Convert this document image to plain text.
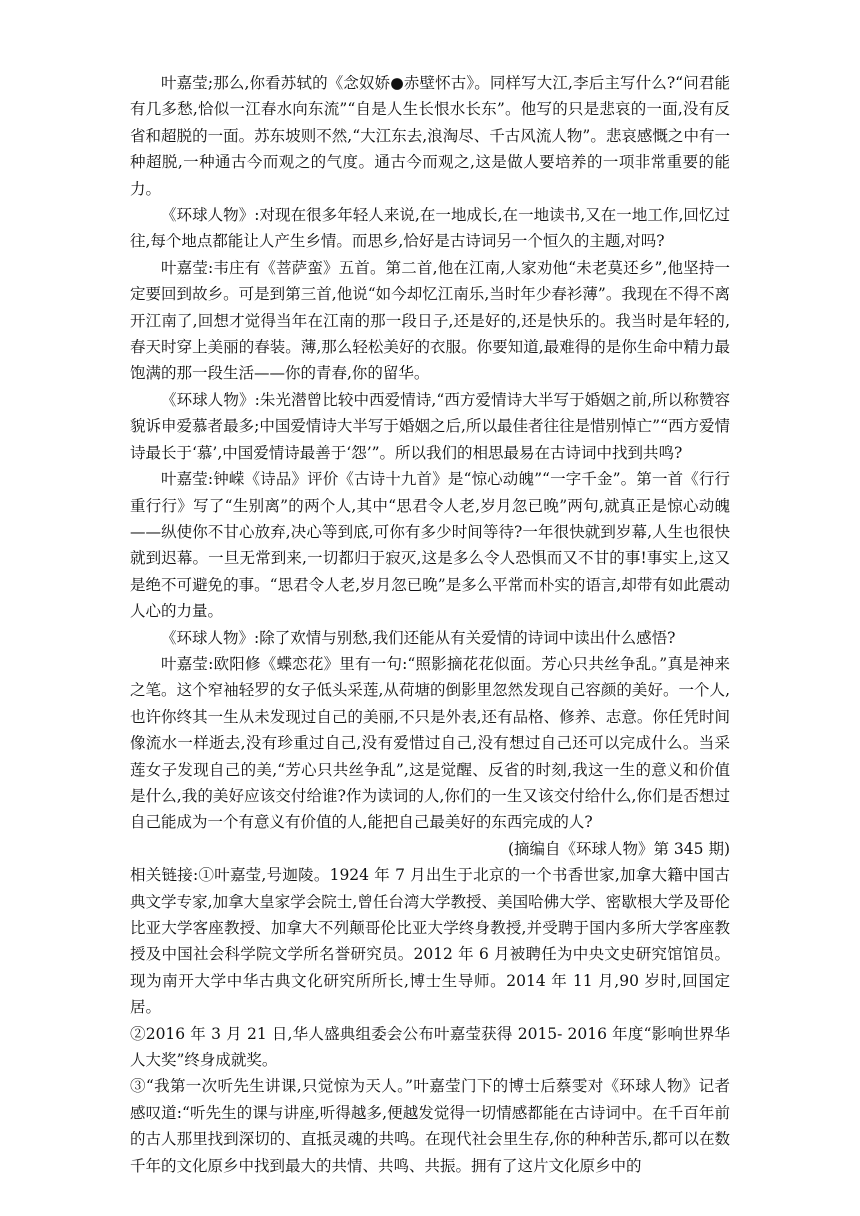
叶嘉莹;那么,你看苏轼的《念奴娇●赤壁怀古》。同样写大江,李后主写什么?“问君能有几多愁,恰似一江春水向东流”“自是人生长恨水长东”。他写的只是悲哀的一面,没有反省和超脱的一面。苏东坡则不然,“大江东去,浪淘尽、千古风流人物”。悲哀感慨之中有一种超脱,一种通古今而观之的气度。通古今而观之,这是做人要培养的一项非常重要的能力。

《环球人物》:对现在很多年轻人来说,在一地成长,在一地读书,又在一地工作,回忆过往,每个地点都能让人产生乡情。而思乡,恰好是古诗词另一个恒久的主题,对吗?

叶嘉莹:韦庄有《菩萨蛮》五首。第二首,他在江南,人家劝他“未老莫还乡”,他坚持一定要回到故乡。可是到第三首,他说“如今却忆江南乐,当时年少春衫薄”。我现在不得不离开江南了,回想才觉得当年在江南的那一段日子,还是好的,还是快乐的。我当时是年轻的,春天时穿上美丽的春装。薄,那么轻松美好的衣服。你要知道,最难得的是你生命中精力最饱满的那一段生活——你的青春,你的留华。

《环球人物》:朱光潜曾比较中西爱情诗,“西方爱情诗大半写于婚姻之前,所以称赞容貌诉申爱慕者最多;中国爱情诗大半写于婚姻之后,所以最佳者往往是惜别悼亡”“西方爱情诗最长于‘慕’,中国爱情诗最善于‘怨’”。所以我们的相思最易在古诗词中找到共鸣?

叶嘉莹:钟嵘《诗品》评价《古诗十九首》是“惊心动魄”“一字千金”。第一首《行行重行行》写了“生别离”的两个人,其中“思君令人老,岁月忽已晚”两句,就真正是惊心动魄——纵使你不甘心放弃,决心等到底,可你有多少时间等待?一年很快就到岁幕,人生也很快就到迟幕。一旦无常到来,一切都归于寂灭,这是多么令人恐惧而又不甘的事!事实上,这又是绝不可避免的事。“思君令人老,岁月忽已晚”是多么平常而朴实的语言,却带有如此震动人心的力量。

《环球人物》:除了欢情与别愁,我们还能从有关爱情的诗词中读出什么感悟?

叶嘉莹:欧阳修《蝶恋花》里有一句:“照影摘花花似面。芳心只共丝争乱。”真是神来之笔。这个窄袖轻罗的女子低头采莲,从荷塘的倒影里忽然发现自己容颜的美好。一个人,也许你终其一生从未发现过自己的美丽,不只是外表,还有品格、修养、志意。你任凭时间像流水一样逝去,没有珍重过自己,没有爱惜过自己,没有想过自己还可以完成什么。当采莲女子发现自己的美,“芳心只共丝争乱”,这是觉醒、反省的时刻,我这一生的意义和价值是什么,我的美好应该交付给谁?作为读词的人,你们的一生又该交付给什么,你们是否想过自己能成为一个有意义有价值的人,能把自己最美好的东西完成的人?

(摘编自《环球人物》第 345 期)

相关链接:①叶嘉莹,号迦陵。1924 年 7 月出生于北京的一个书香世家,加拿大籍中国古典文学专家,加拿大皇家学会院士,曾任台湾大学教授、美国哈佛大学、密歇根大学及哥伦比亚大学客座教授、加拿大不列颠哥伦比亚大学终身教授,并受聘于国内多所大学客座教授及中国社会科学院文学所名誉研究员。2012 年 6 月被聘任为中央文史研究馆馆员。现为南开大学中华古典文化研究所所长,博士生导师。2014 年 11 月,90 岁时,回国定居。

②2016 年 3 月 21 日,华人盛典组委会公布叶嘉莹获得 2015- 2016 年度“影响世界华人大奖”终身成就奖。

③“我第一次听先生讲课,只觉惊为天人。”叶嘉莹门下的博士后蔡雯对《环球人物》记者感叹道:“听先生的课与讲座,听得越多,便越发觉得一切情感都能在古诗词中。在千百年前的古人那里找到深切的、直抵灵魂的共鸣。在现代社会里生存,你的种种苦乐,都可以在数千年的文化原乡中找到最大的共情、共鸣、共振。拥有了这片文化原乡中的
